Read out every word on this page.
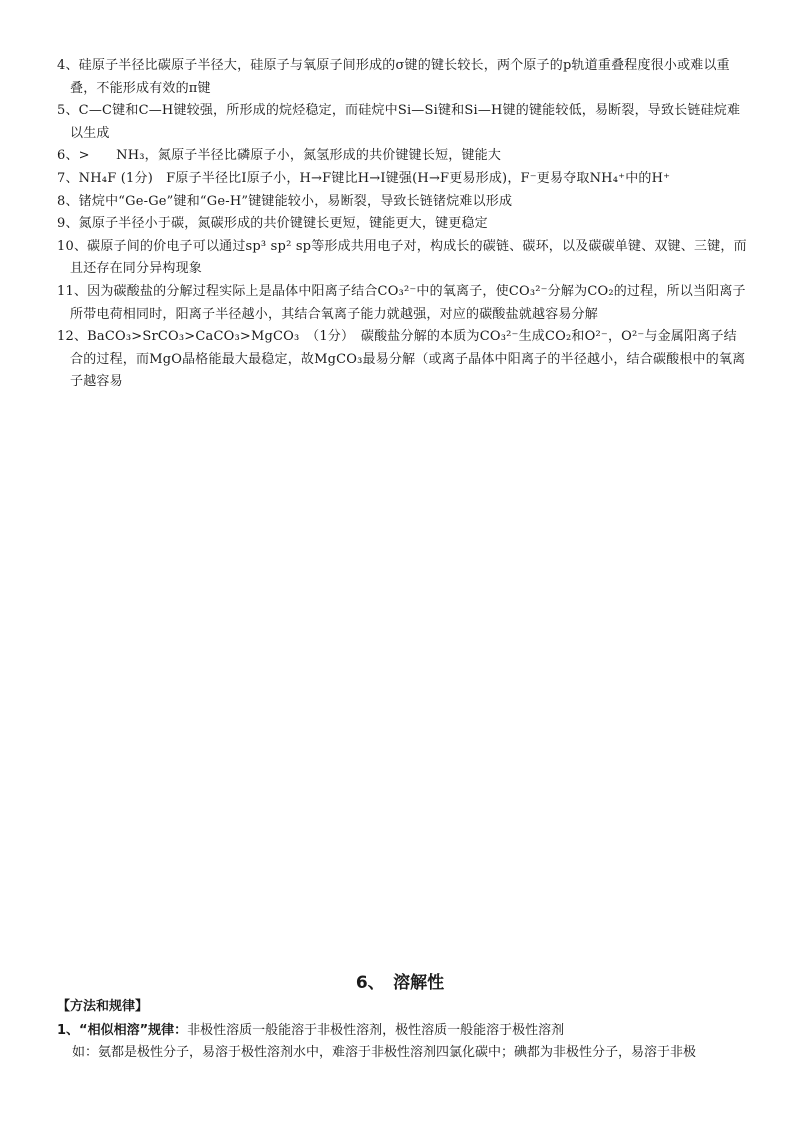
4、硅原子半径比碳原子半径大，硅原子与氧原子间形成的σ键的键长较长，两个原子的p轨道重叠程度很小或难以重叠，不能形成有效的π键

5、C—C键和C—H键较强，所形成的烷烃稳定，而硅烷中Si—Si键和Si—H键的键能较低，易断裂，导致长链硅烷难以生成

6、>　　NH₃，氮原子半径比磷原子小，氮氢形成的共价键键长短，键能大

7、NH₄F (1分)　F原子半径比I原子小，H→F键比H→I键强(H→F更易形成)，F⁻更易夺取NH₄⁺中的H⁺

8、锗烷中“Ge-Ge”键和“Ge-H”键键能较小，易断裂，导致长链锗烷难以形成

9、氮原子半径小于碳，氮碳形成的共价键键长更短，键能更大，键更稳定

10、碳原子间的价电子可以通过sp³ sp² sp等形成共用电子对，构成长的碳链、碳环，以及碳碳单键、双键、三键，而且还存在同分异构现象

11、因为碳酸盐的分解过程实际上是晶体中阳离子结合CO₃²⁻中的氧离子，使CO₃²⁻分解为CO₂的过程，所以当阳离子所带电荷相同时，阳离子半径越小，其结合氧离子能力就越强，对应的碳酸盐就越容易分解

12、BaCO₃>SrCO₃>CaCO₃>MgCO₃　（1分）　碳酸盐分解的本质为CO₃²⁻生成CO₂和O²⁻，O²⁻与金属阳离子结合的过程，而MgO晶格能最大最稳定，故MgCO₃最易分解（或离子晶体中阳离子的半径越小，结合碳酸根中的氧离子越容易

6、　溶解性
【方法和规律】
1、“相似相溶”规律：非极性溶质一般能溶于非极性溶剂，极性溶质一般能溶于极性溶剂
如：氨都是极性分子，易溶于极性溶剂水中，难溶于非极性溶剂四氯化碳中；碘都为非极性分子，易溶于非极
